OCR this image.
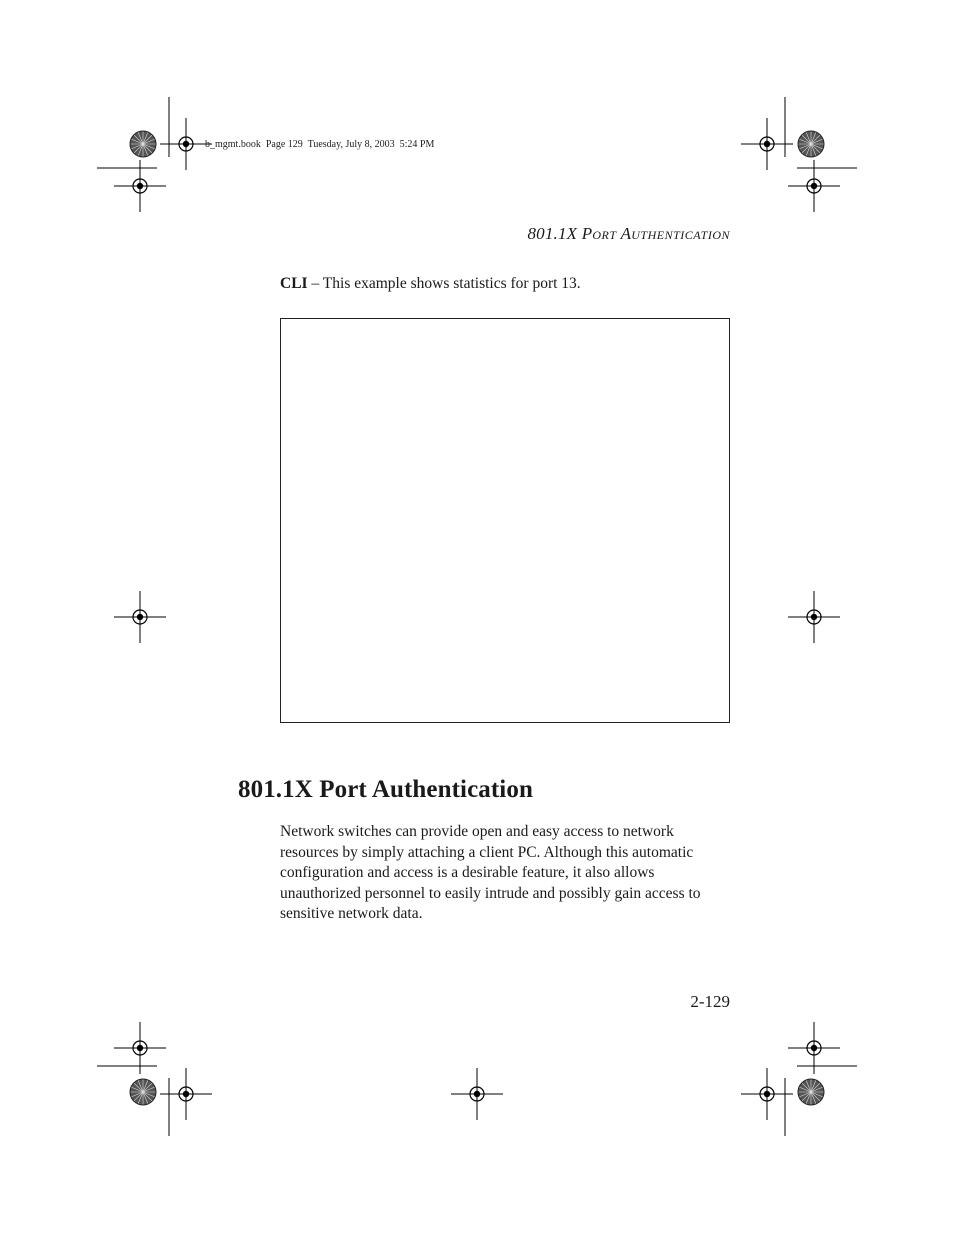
b_mgmt.book  Page 129  Tuesday, July 8, 2003  5:24 PM
801.1X PORT AUTHENTICATION
CLI – This example shows statistics for port 13.
801.1X Port Authentication

Network switches can provide open and easy access to network resources by simply attaching a client PC. Although this automatic configuration and access is a desirable feature, it also allows unauthorized personnel to easily intrude and possibly gain access to sensitive network data.

2-129
